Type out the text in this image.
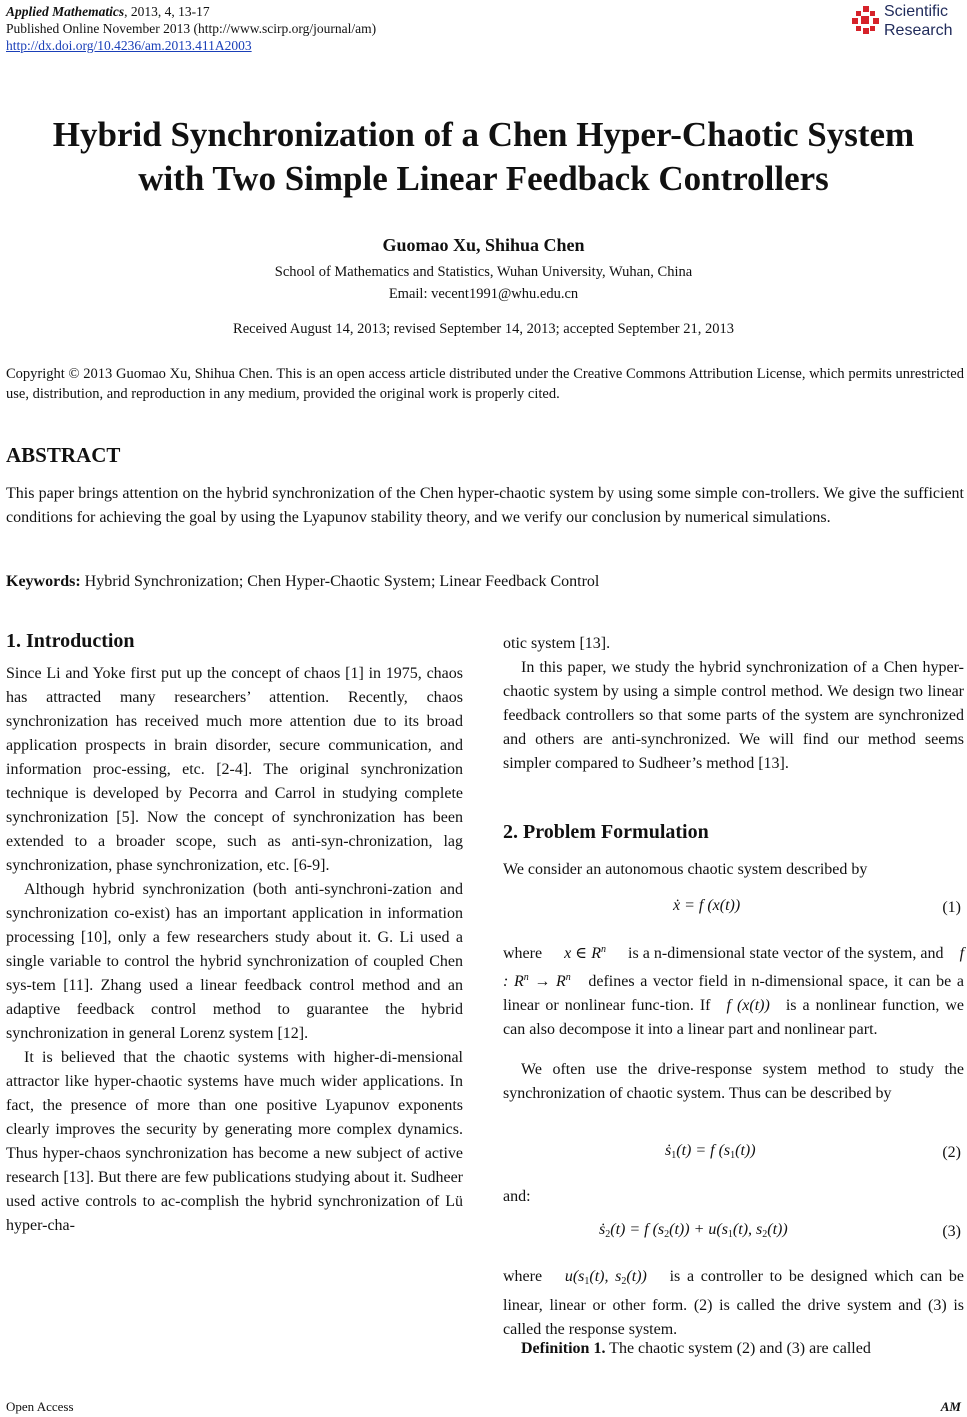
Applied Mathematics, 2013, 4, 13-17
Published Online November 2013 (http://www.scirp.org/journal/am)
http://dx.doi.org/10.4236/am.2013.411A2003
Scientific
Research
Hybrid Synchronization of a Chen Hyper-Chaotic System
with Two Simple Linear Feedback Controllers
Guomao Xu, Shihua Chen
School of Mathematics and Statistics, Wuhan University, Wuhan, China
Email: vecent1991@whu.edu.cn
Received August 14, 2013; revised September 14, 2013; accepted September 21, 2013
Copyright © 2013 Guomao Xu, Shihua Chen. This is an open access article distributed under the Creative Commons Attribution License, which permits unrestricted use, distribution, and reproduction in any medium, provided the original work is properly cited.
ABSTRACT
This paper brings attention on the hybrid synchronization of the Chen hyper-chaotic system by using some simple con-trollers. We give the sufficient conditions for achieving the goal by using the Lyapunov stability theory, and we verify our conclusion by numerical simulations.
Keywords: Hybrid Synchronization; Chen Hyper-Chaotic System; Linear Feedback Control
1. Introduction

Since Li and Yoke first put up the concept of chaos [1] in 1975, chaos has attracted many researchers’ attention. Recently, chaos synchronization has received much more attention due to its broad application prospects in brain disorder, secure communication, and information proc-essing, etc. [2-4]. The original synchronization technique is developed by Pecorra and Carrol in studying complete synchronization [5]. Now the concept of synchronization has been extended to a broader scope, such as anti-syn-chronization, lag synchronization, phase synchronization, etc. [6-9].

Although hybrid synchronization (both anti-synchroni-zation and synchronization co-exist) has an important application in information processing [10], only a few researchers study about it. G. Li used a single variable to control the hybrid synchronization of coupled Chen sys-tem [11]. Zhang used a linear feedback control method and an adaptive feedback control method to guarantee the hybrid synchronization in general Lorenz system [12].

It is believed that the chaotic systems with higher-di-mensional attractor like hyper-chaotic systems have much wider applications. In fact, the presence of more than one positive Lyapunov exponents clearly improves the security by generating more complex dynamics. Thus hyper-chaos synchronization has become a new subject of active research [13]. But there are few publications studying about it. Sudheer used active controls to ac-complish the hybrid synchronization of Lü hyper-cha-

otic system [13].

In this paper, we study the hybrid synchronization of a Chen hyper-chaotic system by using a simple control method. We design two linear feedback controllers so that some parts of the system are synchronized and others are anti-synchronized. We will find our method seems simpler compared to Sudheer’s method [13].

2. Problem Formulation
We consider an autonomous chaotic system described by
ẋ = f (x(t))	(1)
where x ∈ $R^n$ is a n-dimensional state vector of the system, and f : $R^n \to R^n$ defines a vector field in n-dimensional space, it can be a linear or nonlinear func-tion. If f (x(t)) is a nonlinear function, we can also decompose it into a linear part and nonlinear part.
We often use the drive-response system method to study the synchronization of chaotic system. Thus can be described by
ṡ$_1$(t) = f $(s_1(t))$	(2)
and:
ṡ$_2$(t) = f $(s_2(t)) + u(s_1(t)$, $s_2(t)$)	(3)
where $u(s_1(t)$, $s_2(t)$) is a controller to be designed which can be linear, linear or other form. (2) is called the drive system and (3) is called the response system.
Definition 1. The chaotic system (2) and (3) are called
Open Access	AM
